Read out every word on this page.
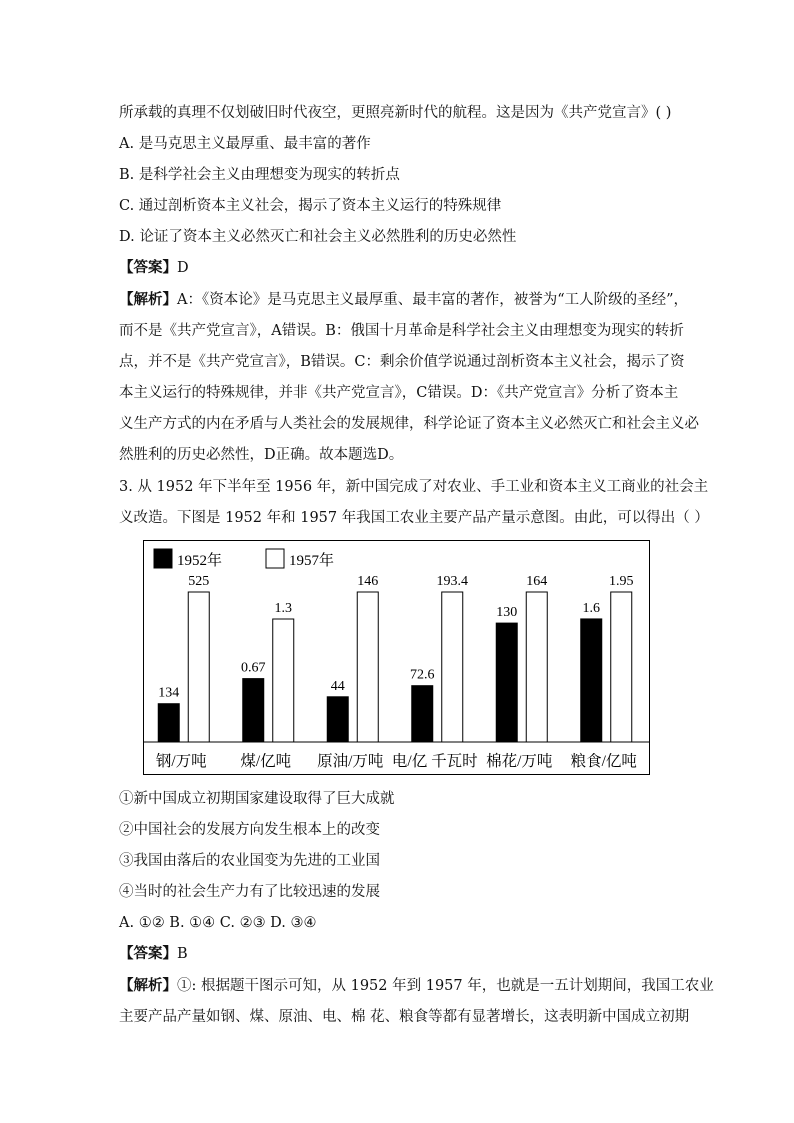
所承载的真理不仅划破旧时代夜空，更照亮新时代的航程。这是因为《共产党宣言》( )
A. 是马克思主义最厚重、最丰富的著作
B. 是科学社会主义由理想变为现实的转折点
C. 通过剖析资本主义社会，揭示了资本主义运行的特殊规律
D. 论证了资本主义必然灭亡和社会主义必然胜利的历史必然性
【答案】D
【解析】A：《资本论》是马克思主义最厚重、最丰富的著作，被誉为“工人阶级的圣经”，
而不是《共产党宣言》，A错误。B：俄国十月革命是科学社会主义由理想变为现实的转折
点，并不是《共产党宣言》，B错误。C：剩余价值学说通过剖析资本主义社会，揭示了资
本主义运行的特殊规律，并非《共产党宣言》，C错误。D：《共产党宣言》分析了资本主
义生产方式的内在矛盾与人类社会的发展规律，科学论证了资本主义必然灭亡和社会主义必
然胜利的历史必然性，D正确。故本题选D。
3. 从 1952 年下半年至 1956 年，新中国完成了对农业、手工业和资本主义工商业的社会主
义改造。下图是 1952 年和 1957 年我国工农业主要产品产量示意图。由此，可以得出（ ）
1952年	1957年
134
525
钢/万吨
0.67
1.3
煤/亿吨
44
146
原油/万吨
72.6
193.4
电/亿 千瓦时
130
164
棉花/万吨
1.6
1.95
粮食/亿吨
①新中国成立初期国家建设取得了巨大成就
②中国社会的发展方向发生根本上的改变
③我国由落后的农业国变为先进的工业国
④当时的社会生产力有了比较迅速的发展
A. ①② B. ①④ C. ②③ D. ③④
【答案】B
【解析】①: 根据题干图示可知，从 1952 年到 1957 年，也就是一五计划期间，我国工农业
主要产品产量如钢、煤、原油、电、棉 花、粮食等都有显著增长，这表明新中国成立初期
